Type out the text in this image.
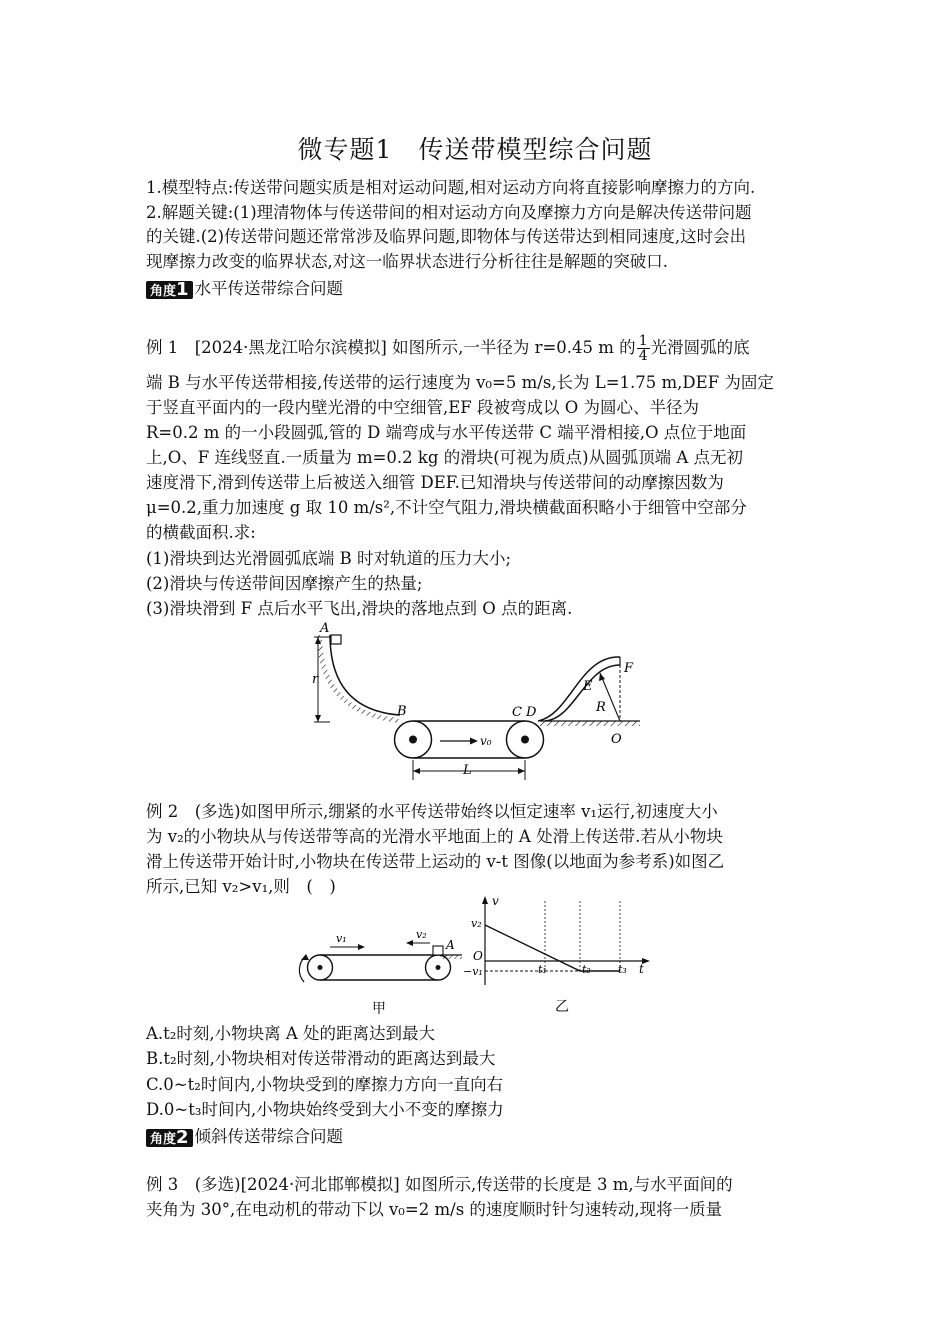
微专题1　传送带模型综合问题
1.模型特点:传送带问题实质是相对运动问题,相对运动方向将直接影响摩擦力的方向.
2.解题关键:(1)理清物体与传送带间的相对运动方向及摩擦力方向是解决传送带问题
的关键.(2)传送带问题还常常涉及临界问题,即物体与传送带达到相同速度,这时会出
现摩擦力改变的临界状态,对这一临界状态进行分析往往是解题的突破口.
角度1 水平传送带综合问题
例 1　[2024·黑龙江哈尔滨模拟] 如图所示,一半径为 r=0.45 m 的 $\frac{1}{4}$ 光滑圆弧的底
端 B 与水平传送带相接,传送带的运行速度为 v₀=5 m/s,长为 L=1.75 m,DEF 为固定
于竖直平面内的一段内壁光滑的中空细管,EF 段被弯成以 O 为圆心、半径为
R=0.2 m 的一小段圆弧,管的 D 端弯成与水平传送带 C 端平滑相接,O 点位于地面
上,O、F 连线竖直.一质量为 m=0.2 kg 的滑块(可视为质点)从圆弧顶端 A 点无初
速度滑下,滑到传送带上后被送入细管 DEF.已知滑块与传送带间的动摩擦因数为
μ=0.2,重力加速度 g 取 10 m/s²,不计空气阻力,滑块横截面积略小于细管中空部分
的横截面积.求:
(1)滑块到达光滑圆弧底端 B 时对轨道的压力大小;
(2)滑块与传送带间因摩擦产生的热量;
(3)滑块滑到 F 点后水平飞出,滑块的落地点到 O 点的距离.
A
r
B
v₀
L
C D
F
E
R
O
例 2　(多选)如图甲所示,绷紧的水平传送带始终以恒定速率 v₁运行,初速度大小
为 v₂的小物块从与传送带等高的光滑水平地面上的 A 处滑上传送带.若从小物块
滑上传送带开始计时,小物块在传送带上运动的 v-t 图像(以地面为参考系)如图乙
所示,已知 v₂>v₁,则　(　)
A
v₁	v₂
甲
v
t
O
v₂
−v₁	t₁	t₂ t₃
乙
A.t₂时刻,小物块离 A 处的距离达到最大
B.t₂时刻,小物块相对传送带滑动的距离达到最大
C.0~t₂时间内,小物块受到的摩擦力方向一直向右
D.0~t₃时间内,小物块始终受到大小不变的摩擦力
角度2 倾斜传送带综合问题
例 3　(多选)[2024·河北邯郸模拟] 如图所示,传送带的长度是 3 m,与水平面间的
夹角为 30°,在电动机的带动下以 v₀=2 m/s 的速度顺时针匀速转动,现将一质量
